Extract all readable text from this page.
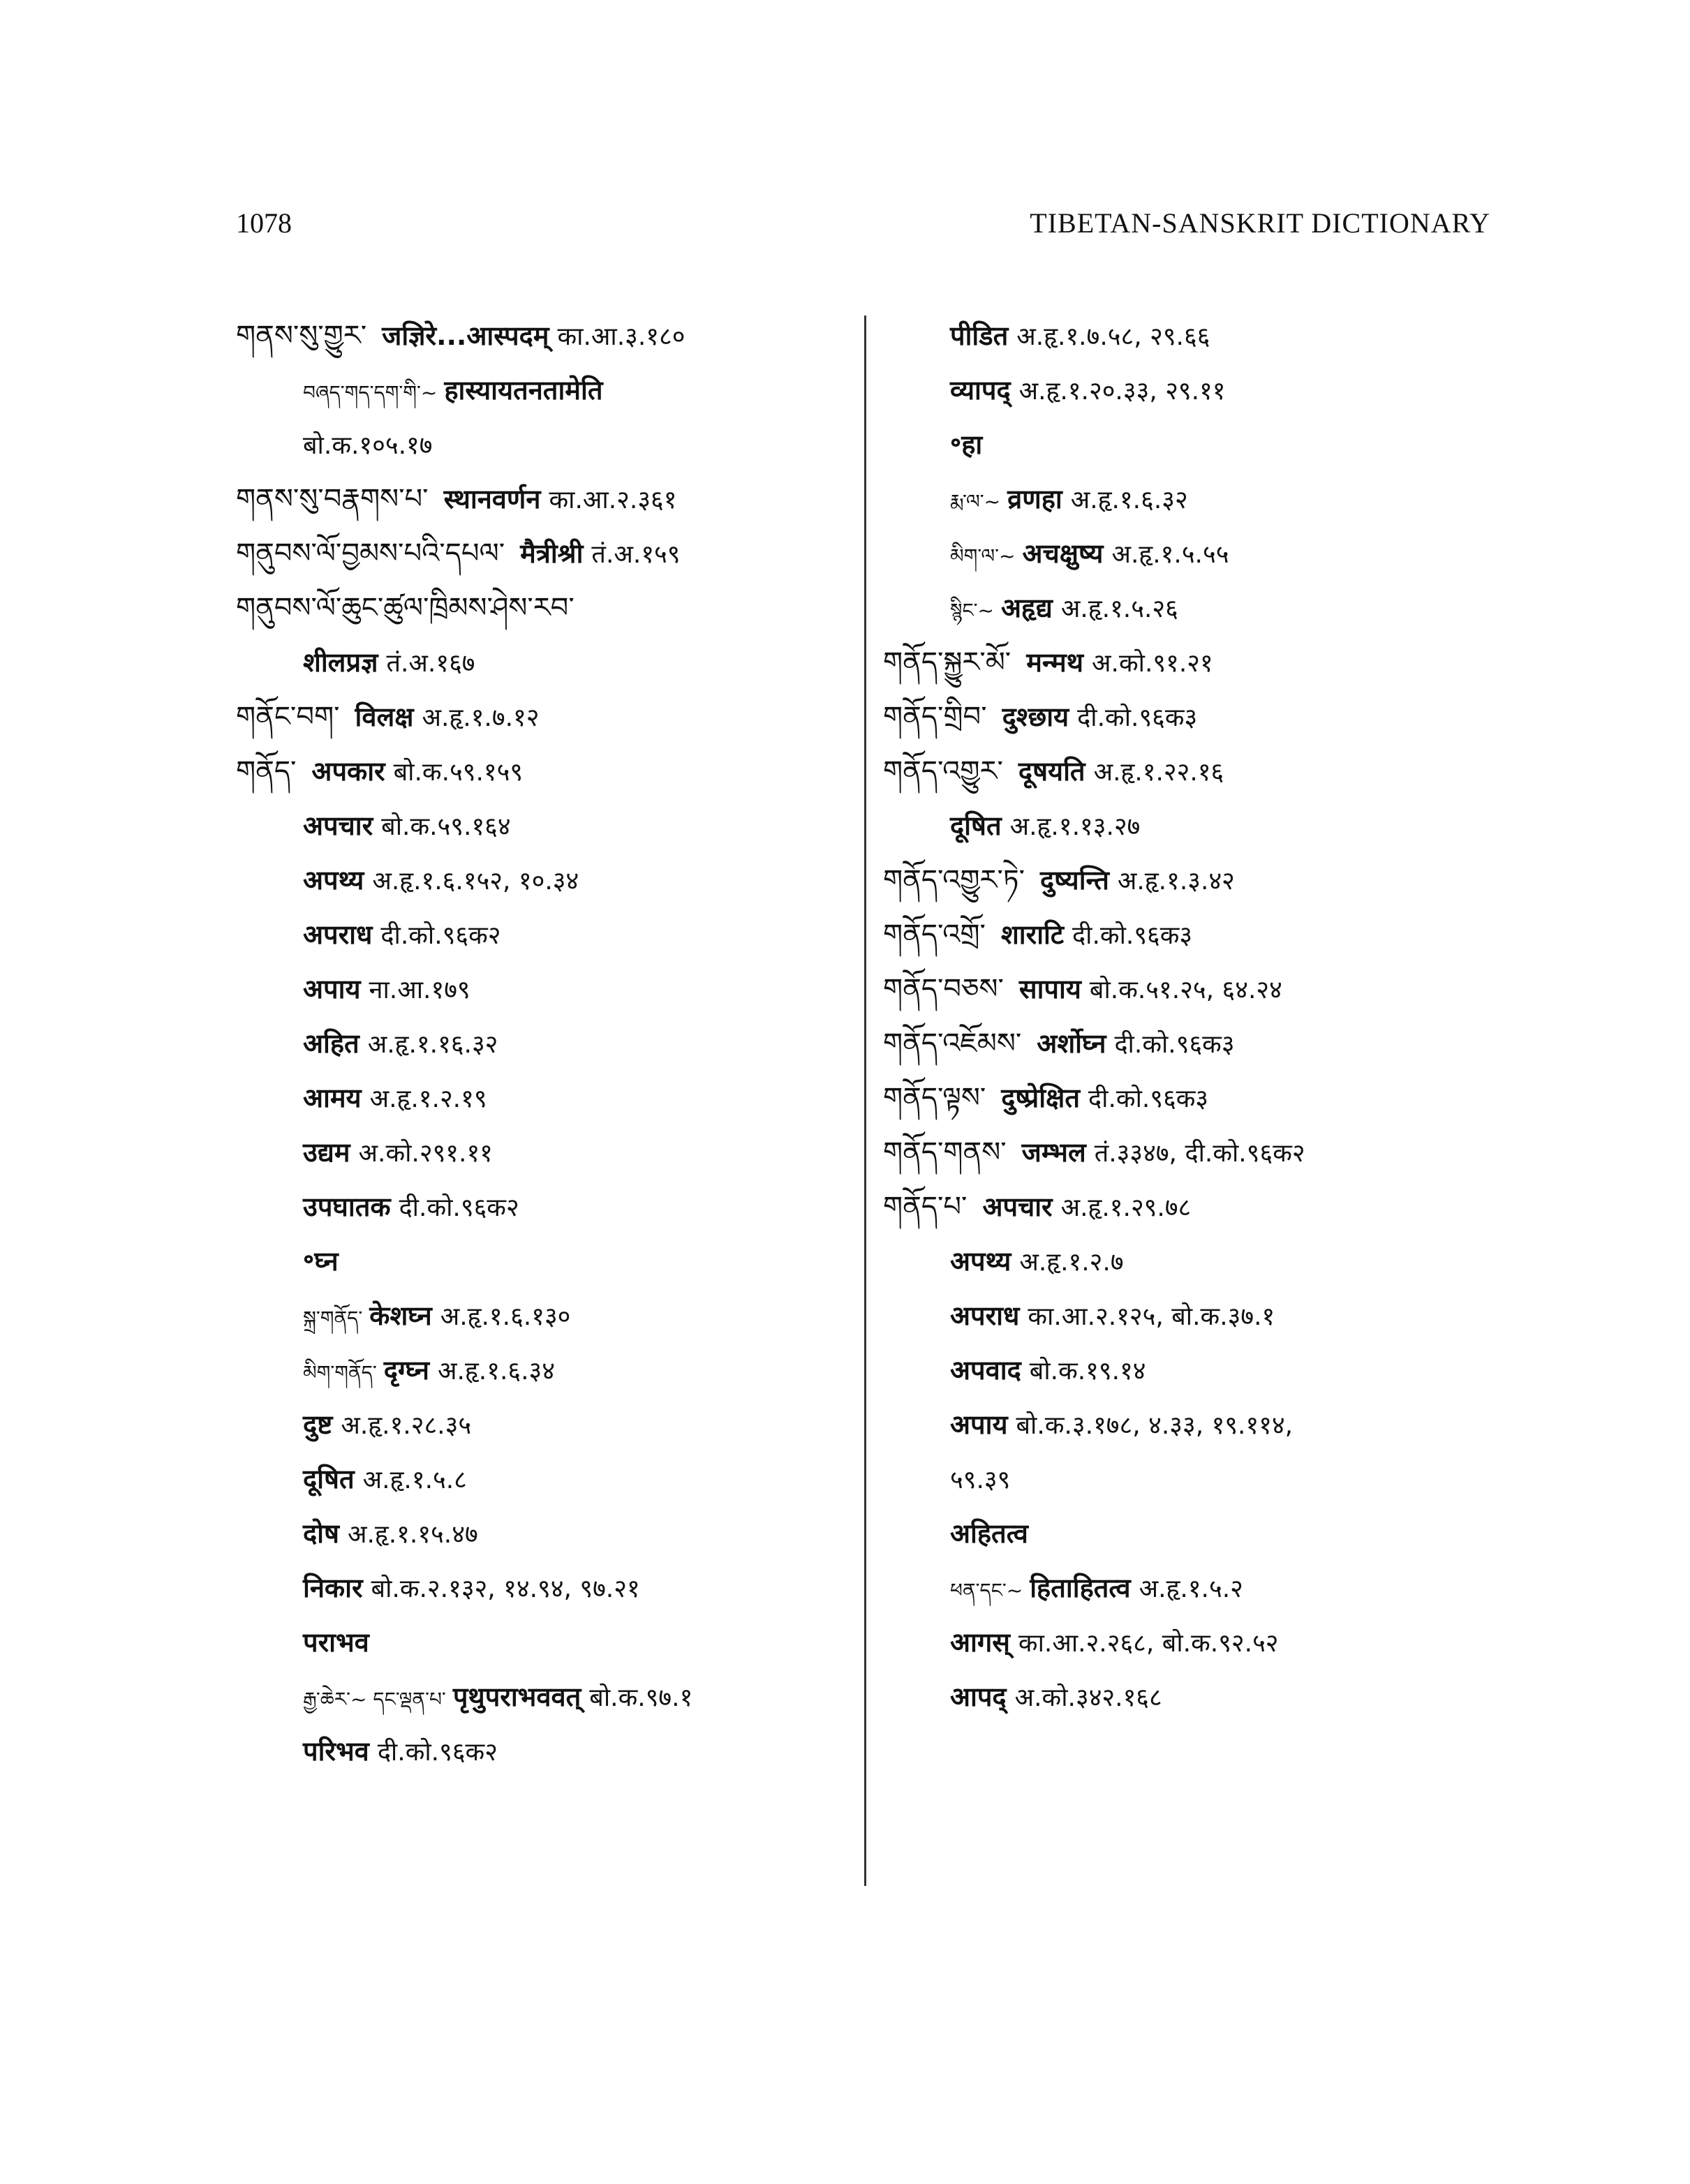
1078	TIBETAN-SANSKRIT DICTIONARY
གནས་སུ་གྱུར་ जज्ञिरे...आस्पदम् का.आ.३.१८०
བཞད་གད་དག་གི་~ हास्यायतनतामेति
बो.क.१०५.१७
གནས་སུ་བརྣགས་པ་ स्थानवर्णन का.आ.२.३६१
གནུབས་ལོ་བྱམས་པའི་དཔལ་ मैत्रीश्री तं.अ.१५९
གནུབས་ལོ་ཆུང་ཚུལ་ཁྲིམས་ཤེས་རབ་
शीलप्रज्ञ तं.अ.१६७
གནོང་བག་ विलक्ष अ.हृ.१.७.१२
གནོད་ अपकार बो.क.५९.१५९
अपचार बो.क.५९.१६४
अपथ्य अ.हृ.१.६.१५२, १०.३४
अपराध दी.को.९६क२
अपाय ना.आ.१७९
अहित अ.हृ.१.१६.३२
आमय अ.हृ.१.२.१९
उद्यम अ.को.२९१.११
उपघातक दी.को.९६क२
॰घ्न
སྐྲ་གནོད་ केशघ्न अ.हृ.१.६.१३०
མིག་གནོད་ दृग्घ्न अ.हृ.१.६.३४
दुष्ट अ.हृ.१.२८.३५
दूषित अ.हृ.१.५.८
दोष अ.हृ.१.१५.४७
निकार बो.क.२.१३२, १४.९४, ९७.२१
पराभव
རྒྱ་ཆེར་~ དང་ལྡན་པ་ पृथुपराभववत् बो.क.९७.१
परिभव दी.को.९६क२
पीडित अ.हृ.१.७.५८, २९.६६
व्यापद् अ.हृ.१.२०.३३, २९.११
॰हा
རྨ་ལ་~ व्रणहा अ.हृ.१.६.३२
མིག་ལ་~ अचक्षुष्य अ.हृ.१.५.५५
སྙིང་~ अहृद्य अ.हृ.१.५.२६
གནོད་སྐྱུར་མོ་ मन्मथ अ.को.९१.२१
གནོད་གྲིབ་ दुश्छाय दी.को.९६क३
གནོད་འགྱུར་ दूषयति अ.हृ.१.२२.१६
दूषित अ.हृ.१.१३.२७
གནོད་འགྱུར་ཏེ་ दुष्यन्ति अ.हृ.१.३.४२
གནོད་འགྲོ་ शाराटि दी.को.९६क३
གནོད་བཅས་ सापाय बो.क.५१.२५, ६४.२४
གནོད་འཇོམས་ अर्शोघ्न दी.को.९६क३
གནོད་ལྟས་ दुष्प्रेक्षित दी.को.९६क३
གནོད་གནས་ जम्भल तं.३३४७, दी.को.९६क२
གནོད་པ་ अपचार अ.हृ.१.२९.७८
अपथ्य अ.हृ.१.२.७
अपराध का.आ.२.१२५, बो.क.३७.१
अपवाद बो.क.१९.१४
अपाय बो.क.३.१७८, ४.३३, १९.११४,
५९.३९
अहितत्व
ཕན་དང་~ हिताहितत्व अ.हृ.१.५.२
आगस् का.आ.२.२६८, बो.क.९२.५२
आपद् अ.को.३४२.१६८
